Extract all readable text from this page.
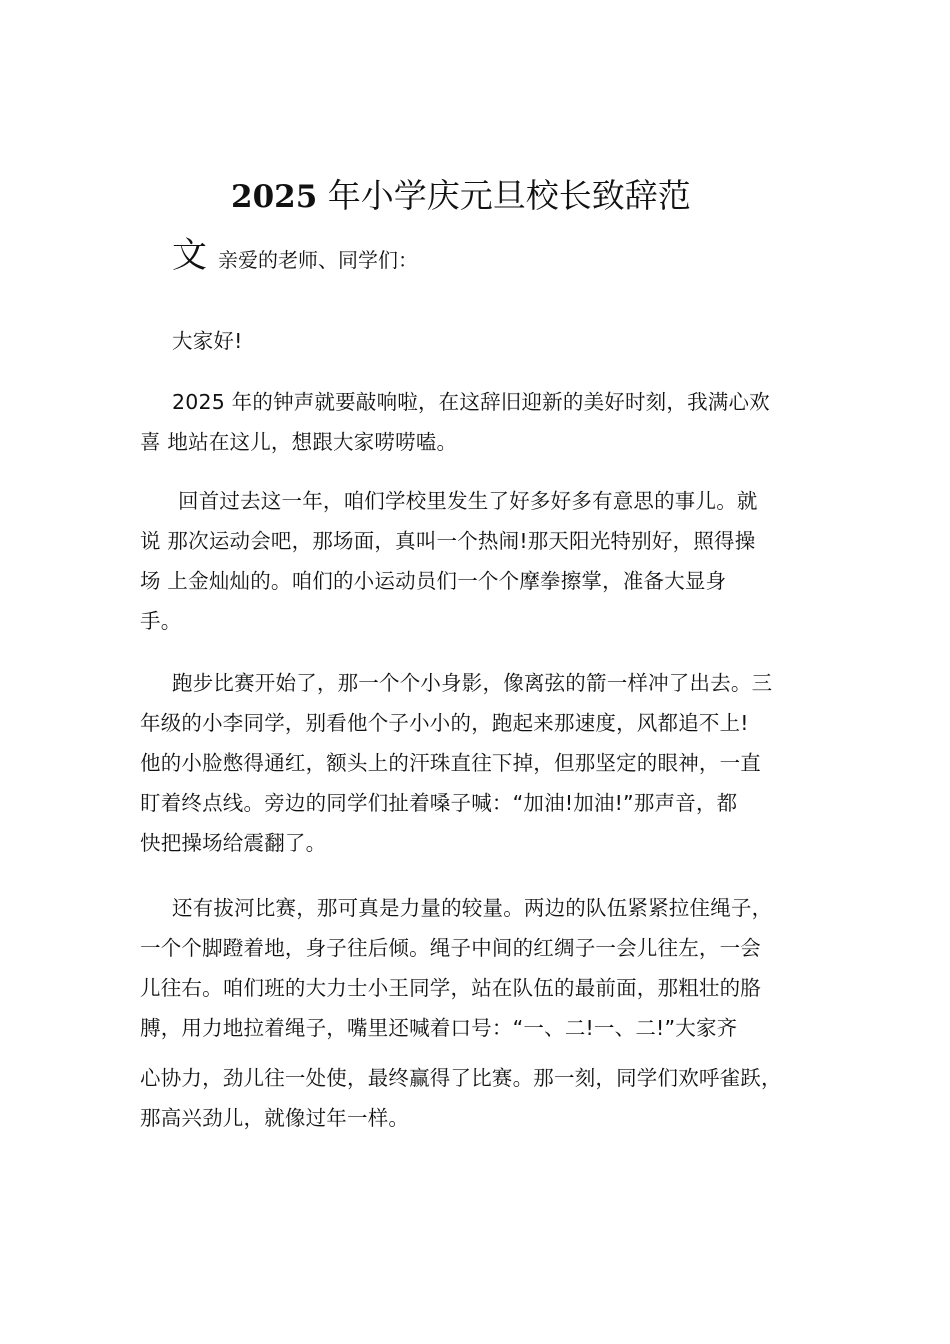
2025 年小学庆元旦校长致辞范
文 亲爱的老师、同学们：
大家好!
2025 年的钟声就要敲响啦，在这辞旧迎新的美好时刻，我满心欢
喜 地站在这儿，想跟大家唠唠嗑。
回首过去这一年，咱们学校里发生了好多好多有意思的事儿。就
说 那次运动会吧，那场面，真叫一个热闹!那天阳光特别好，照得操
场 上金灿灿的。咱们的小运动员们一个个摩拳擦掌，准备大显身
手。
跑步比赛开始了，那一个个小身影，像离弦的箭一样冲了出去。三
年级的小李同学，别看他个子小小的，跑起来那速度，风都追不上!
他的小脸憋得通红，额头上的汗珠直往下掉，但那坚定的眼神，一直
盯着终点线。旁边的同学们扯着嗓子喊：“加油!加油!”那声音，都
快把操场给震翻了。
还有拔河比赛，那可真是力量的较量。两边的队伍紧紧拉住绳子，
一个个脚蹬着地，身子往后倾。绳子中间的红绸子一会儿往左，一会
儿往右。咱们班的大力士小王同学，站在队伍的最前面，那粗壮的胳
膊，用力地拉着绳子，嘴里还喊着口号：“一、二!一、二!”大家齐
心协力，劲儿往一处使，最终赢得了比赛。那一刻，同学们欢呼雀跃，
那高兴劲儿，就像过年一样。
